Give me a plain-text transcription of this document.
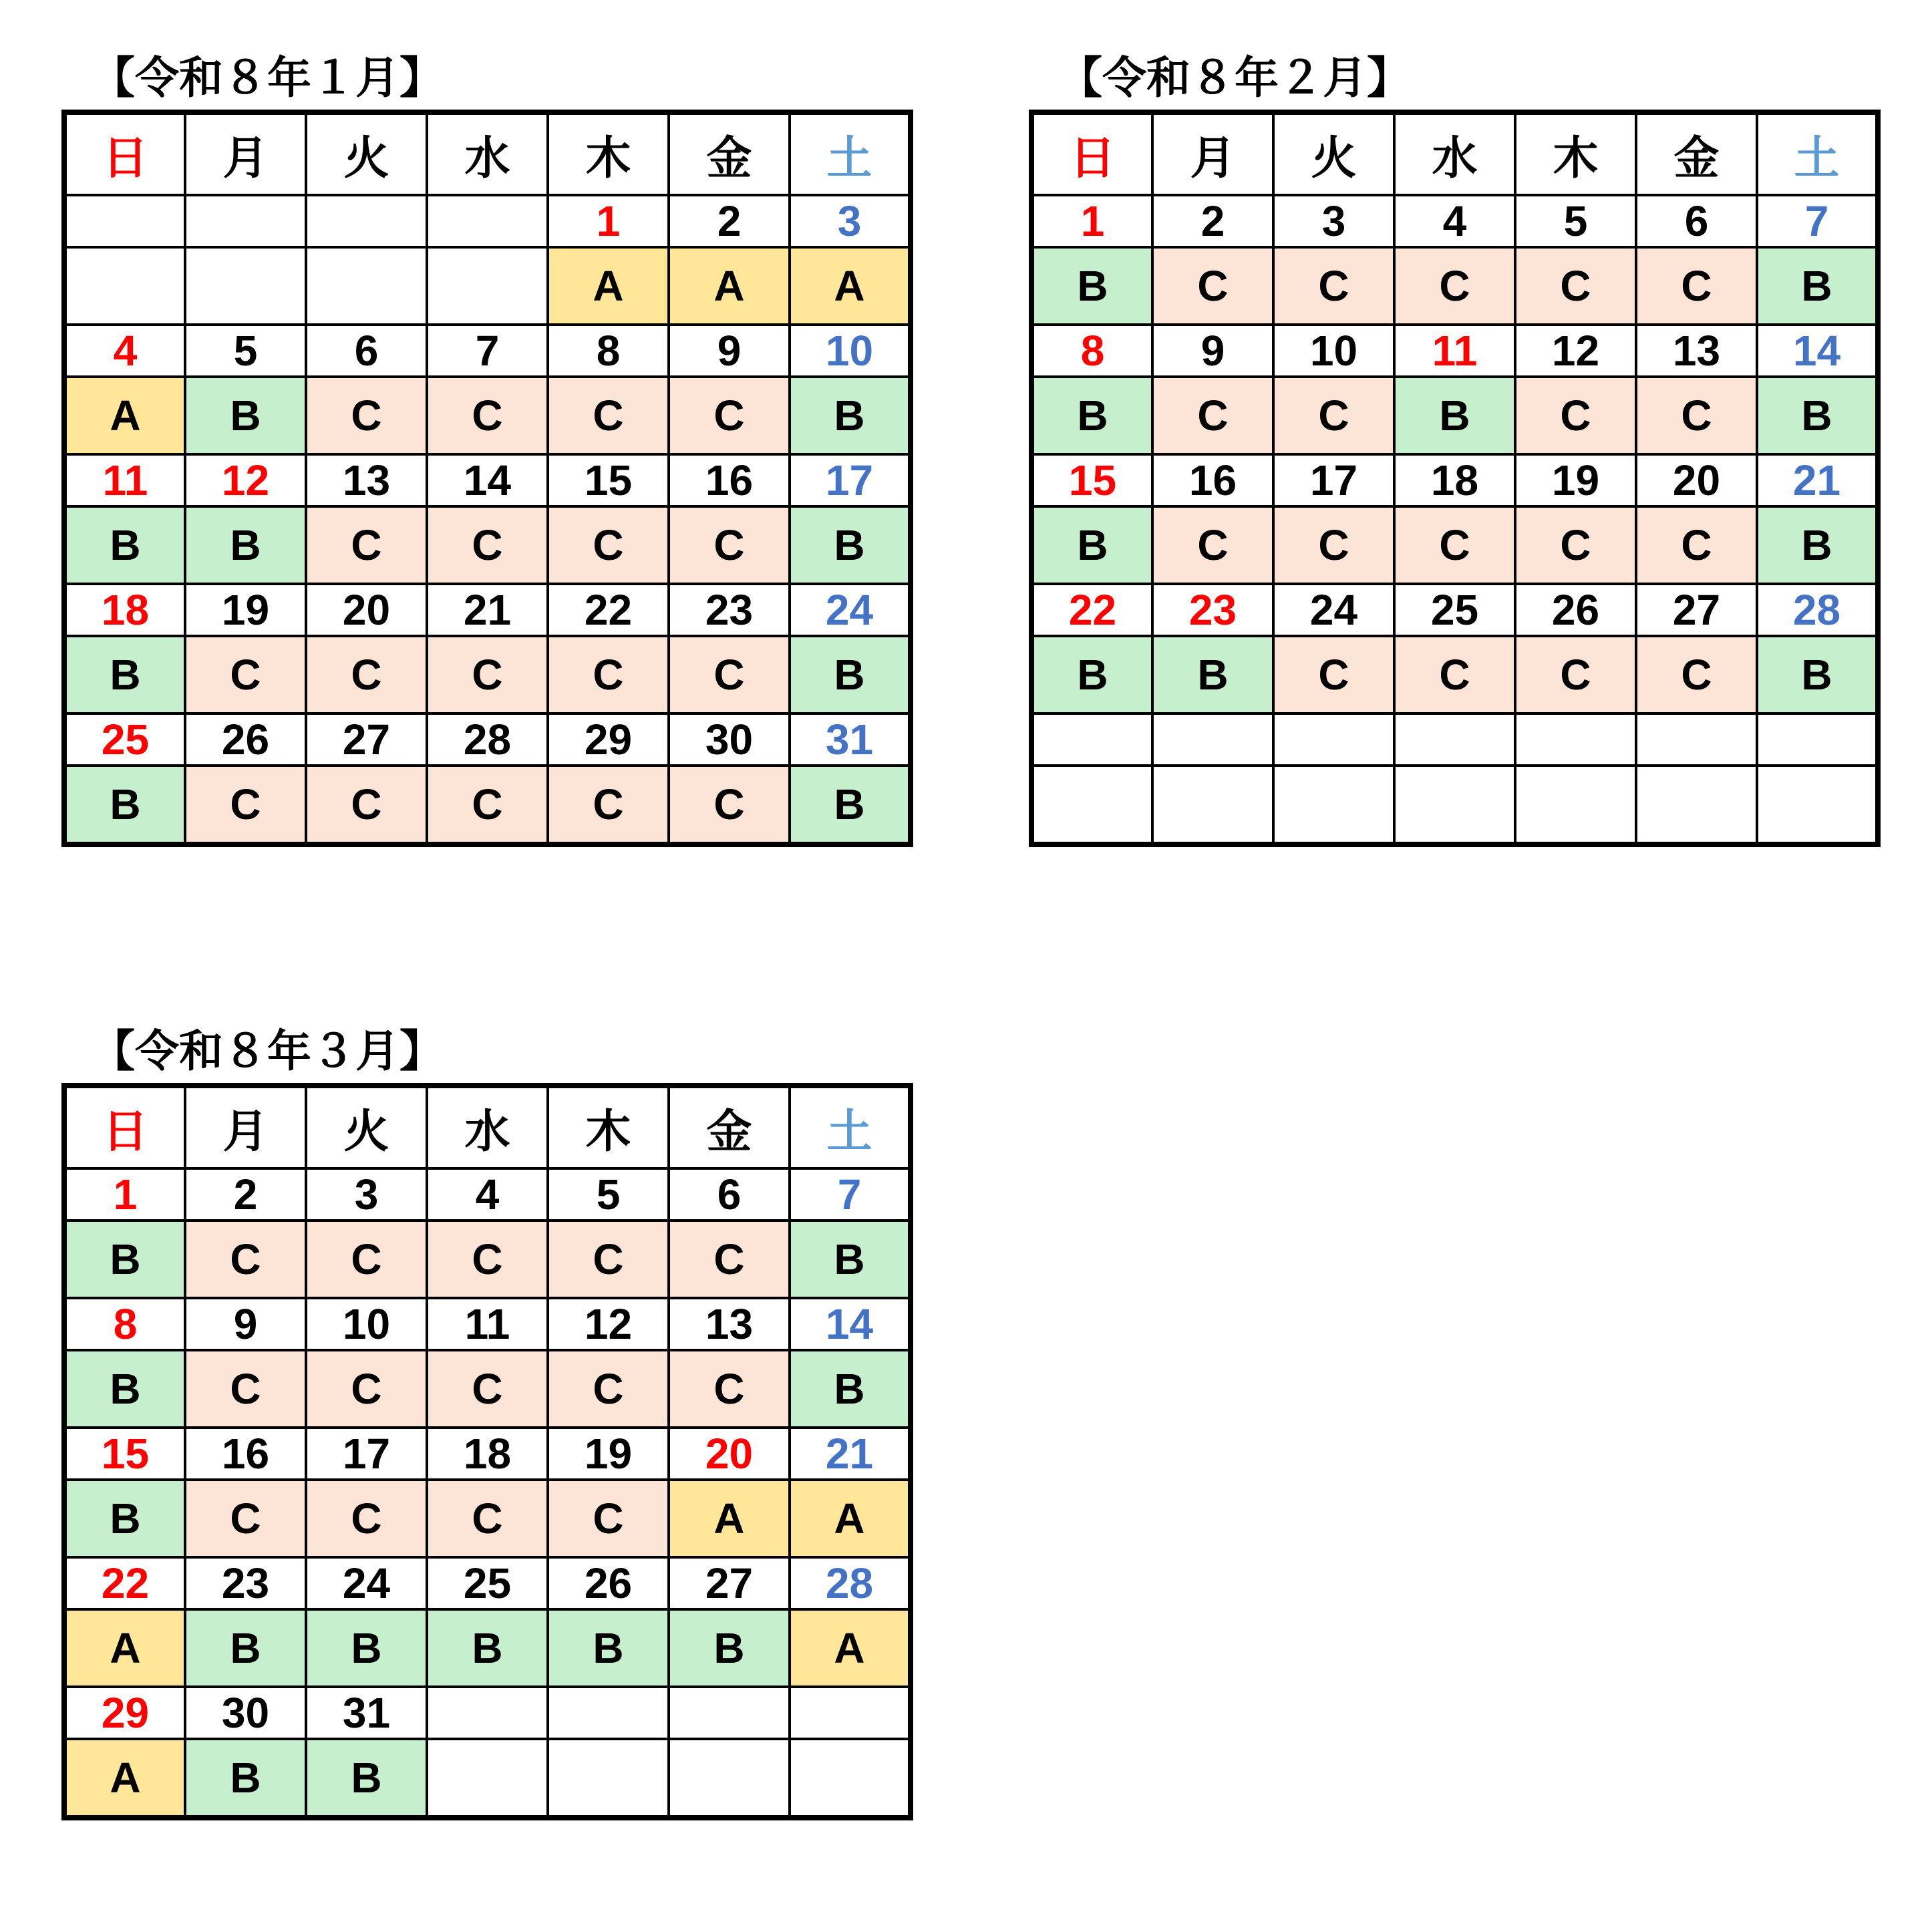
【令和８年１月】
日	月	火	水	木	金	土
				1	2	3
				A	A	A
4	5	6	7	8	9	10
A	B	C	C	C	C	B
11	12	13	14	15	16	17
B	B	C	C	C	C	B
18	19	20	21	22	23	24
B	C	C	C	C	C	B
25	26	27	28	29	30	31
B	C	C	C	C	C	B
【令和８年２月】
日	月	火	水	木	金	土
1	2	3	4	5	6	7
B	C	C	C	C	C	B
8	9	10	11	12	13	14
B	C	C	B	C	C	B
15	16	17	18	19	20	21
B	C	C	C	C	C	B
22	23	24	25	26	27	28
B	B	C	C	C	C	B

【令和８年３月】
日	月	火	水	木	金	土
1	2	3	4	5	6	7
B	C	C	C	C	C	B
8	9	10	11	12	13	14
B	C	C	C	C	C	B
15	16	17	18	19	20	21
B	C	C	C	C	A	A
22	23	24	25	26	27	28
A	B	B	B	B	B	A
29	30	31				
A	B	B				
